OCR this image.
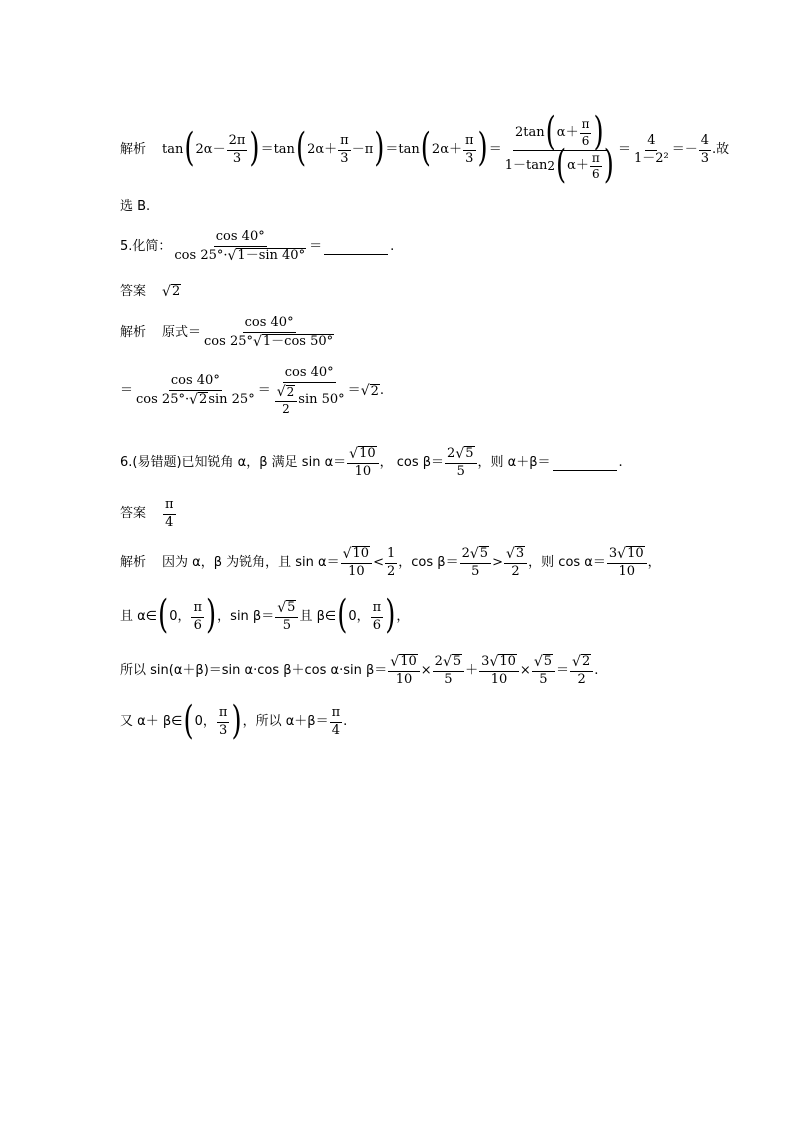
解析 tan ( $2\alpha- \frac{2\pi}{3}$ ) ＝tan ( $2\alpha+ \frac{\pi}{3} -\pi$ ) ＝tan ( $2\alpha+ \frac{\pi}{3}$ ) ＝ $\frac{2\tan ( \alpha+ \frac{\pi}{6} )}{1-\tan 2 ( \alpha+ \frac{\pi}{6} )} = \frac{4}{\text{1－2²}} =- \frac{4}{3}$ . 故
选 B.
5.化简： $\frac{\cos 40^\circ}{\cos 25^\circ\cdot √ 1-\sin 40^\circ}$ ＝	.
答案 √ 2
解析 原式＝ $\frac{\cos 40^\circ}{\cos 25^\circ √ 1-\cos 50^\circ}$
＝ $\frac{\cos 40^\circ}{\cos 25^\circ\cdot √ 2 \sin 25^\circ} = \frac{\cos 40^\circ}{\frac{√ 2}{2} \sin 50^\circ}$ ＝ √ 2 .
6.(易错题)已知锐角 α，β 满足 $\sin \alpha= \frac{√ 10}{10}$ ， $\cos \beta= \frac{2 √ 5}{5}$ ，则 α＋β＝	.
答案 $\frac{\pi}{4}$
解析 因为 α，β 为锐角，且 $\sin \alpha= \frac{√ 10}{10} < \frac{1}{2}$ ，$\cos \beta= \frac{2 √ 5}{5} > \frac{√ 3}{2}$ ，则 $\cos \alpha= \frac{3 √ 10}{10}$ ，
且 α∈ ( 0， $\frac{\pi}{6}$ ) ，$\sin \beta= \frac{√ 5}{5}$ 且 β∈ ( 0， $\frac{\pi}{6}$ ) ，
所以 sin(α＋β)＝sin α·cos β＋cos α·sin $\beta= \frac{√ 10}{10} \times \frac{2 √ 5}{5} + \frac{3 √ 10}{10} \times \frac{√ 5}{5} = \frac{√ 2}{2}$ .
又 α＋ β∈ ( 0， $\frac{\pi}{3}$ ) ，所以 $\alpha+\beta= \frac{\pi}{4}$ .
